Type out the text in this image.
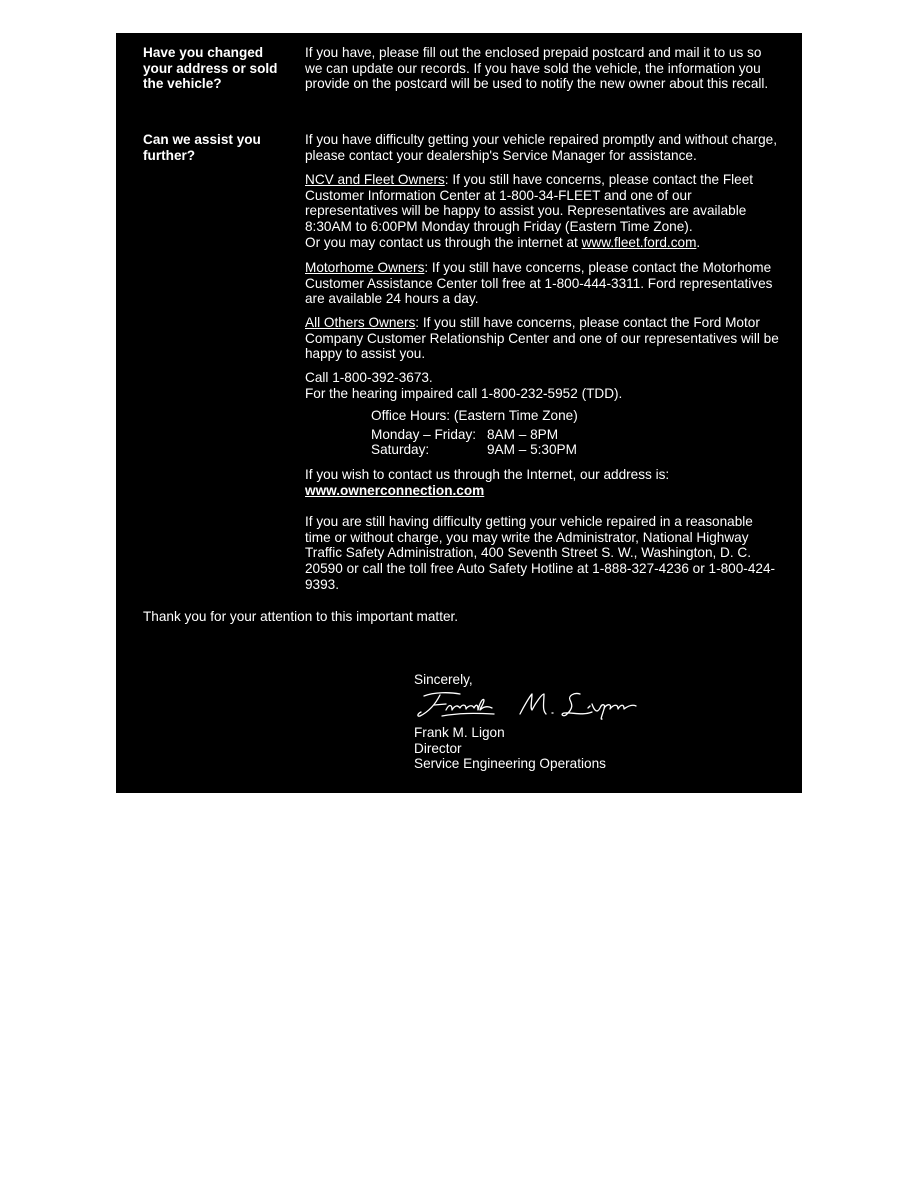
Have you changed your address or sold the vehicle?
If you have, please fill out the enclosed prepaid postcard and mail it to us so we can update our records. If you have sold the vehicle, the information you provide on the postcard will be used to notify the new owner about this recall.
Can we assist you further?
If you have difficulty getting your vehicle repaired promptly and without charge, please contact your dealership's Service Manager for assistance.
NCV and Fleet Owners: If you still have concerns, please contact the Fleet Customer Information Center at 1-800-34-FLEET and one of our representatives will be happy to assist you. Representatives are available 8:30AM to 6:00PM Monday through Friday (Eastern Time Zone).
Or you may contact us through the internet at www.fleet.ford.com.
Motorhome Owners: If you still have concerns, please contact the Motorhome Customer Assistance Center toll free at 1-800-444-3311. Ford representatives are available 24 hours a day.
All Others Owners: If you still have concerns, please contact the Ford Motor Company Customer Relationship Center and one of our representatives will be happy to assist you.
Call 1-800-392-3673.
For the hearing impaired call 1-800-232-5952 (TDD).
Office Hours: (Eastern Time Zone)
Monday – Friday: 8AM – 8PM
Saturday:	9AM – 5:30PM
If you wish to contact us through the Internet, our address is:
www.ownerconnection.com
If you are still having difficulty getting your vehicle repaired in a reasonable time or without charge, you may write the Administrator, National Highway Traffic Safety Administration, 400 Seventh Street S. W., Washington, D. C. 20590 or call the toll free Auto Safety Hotline at 1-888-327-4236 or 1-800-424-9393.
Thank you for your attention to this important matter.
Sincerely,
Frank M. Ligon
Director
Service Engineering Operations
